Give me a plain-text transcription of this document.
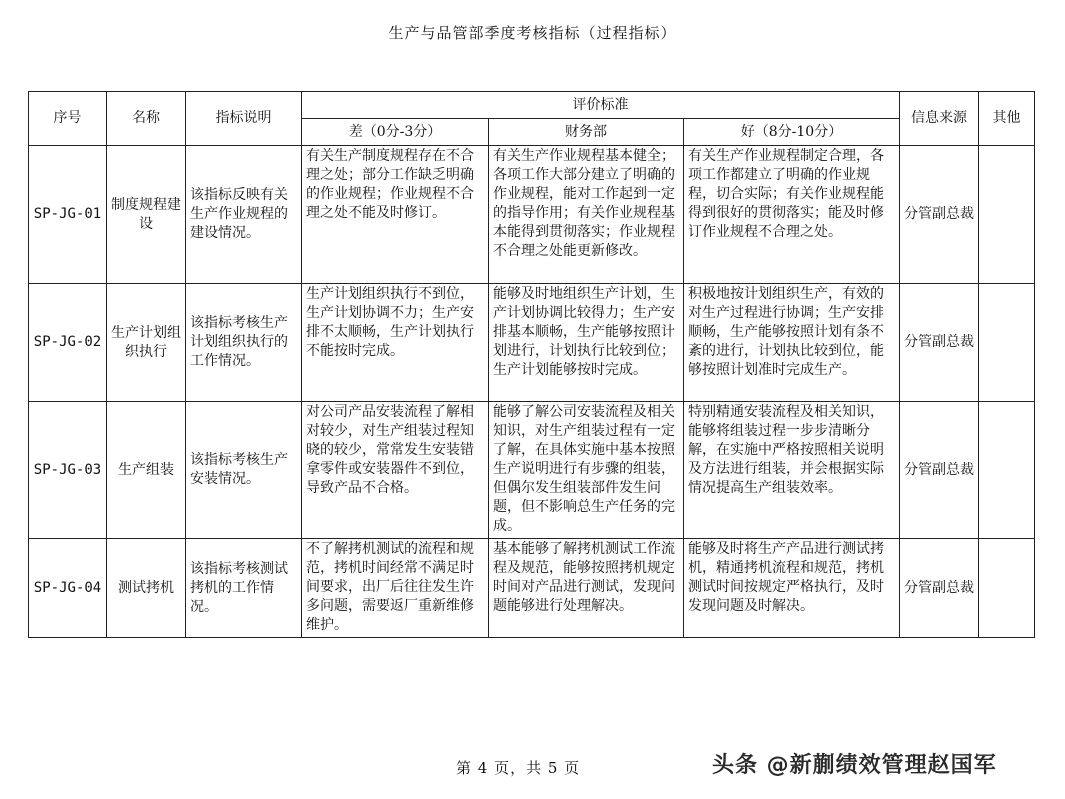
生产与品管部季度考核指标（过程指标）
序号	名称	指标说明	评价标准			信息来源	其他
			差（0分-3分）	财务部	好（8分-10分）		
SP-JG-01	制度规程建设	该指标反映有关生产作业规程的建设情况。	有关生产制度规程存在不合理之处；部分工作缺乏明确的作业规程；作业规程不合理之处不能及时修订。	有关生产作业规程基本健全；各项工作大部分建立了明确的作业规程，能对工作起到一定的指导作用；有关作业规程基本能得到贯彻落实；作业规程不合理之处能更新修改。	有关生产作业规程制定合理，各项工作都建立了明确的作业规程，切合实际；有关作业规程能得到很好的贯彻落实；能及时修订作业规程不合理之处。	分管副总裁	
SP-JG-02	生产计划组织执行	该指标考核生产计划组织执行的工作情况。	生产计划组织执行不到位，生产计划协调不力；生产安排不太顺畅，生产计划执行不能按时完成。	能够及时地组织生产计划，生产计划协调比较得力；生产安排基本顺畅，生产能够按照计划进行，计划执行比较到位；生产计划能够按时完成。	积极地按计划组织生产，有效的对生产过程进行协调；生产安排顺畅，生产能够按照计划有条不紊的进行，计划执比较到位，能够按照计划准时完成生产。	分管副总裁	
SP-JG-03	生产组装	该指标考核生产安装情况。	对公司产品安装流程了解相对较少，对生产组装过程知晓的较少，常常发生安装错拿零件或安装器件不到位，导致产品不合格。	能够了解公司安装流程及相关知识，对生产组装过程有一定了解，在具体实施中基本按照生产说明进行有步骤的组装，但偶尔发生组装部件发生问题，但不影响总生产任务的完成。	特别精通安装流程及相关知识，能够将组装过程一步步清晰分解，在实施中严格按照相关说明及方法进行组装，并会根据实际情况提高生产组装效率。	分管副总裁	
SP-JG-04	测试拷机	该指标考核测试拷机的工作情况。	不了解拷机测试的流程和规范，拷机时间经常不满足时间要求，出厂后往往发生许多问题，需要返厂重新维修维护。	基本能够了解拷机测试工作流程及规范，能够按照拷机规定时间对产品进行测试，发现问题能够进行处理解决。	能够及时将生产产品进行测试拷机，精通拷机流程和规范，拷机测试时间按规定严格执行，及时发现问题及时解决。	分管副总裁	
第 4 页，共 5 页	头条 @新蒯绩效管理赵国军
